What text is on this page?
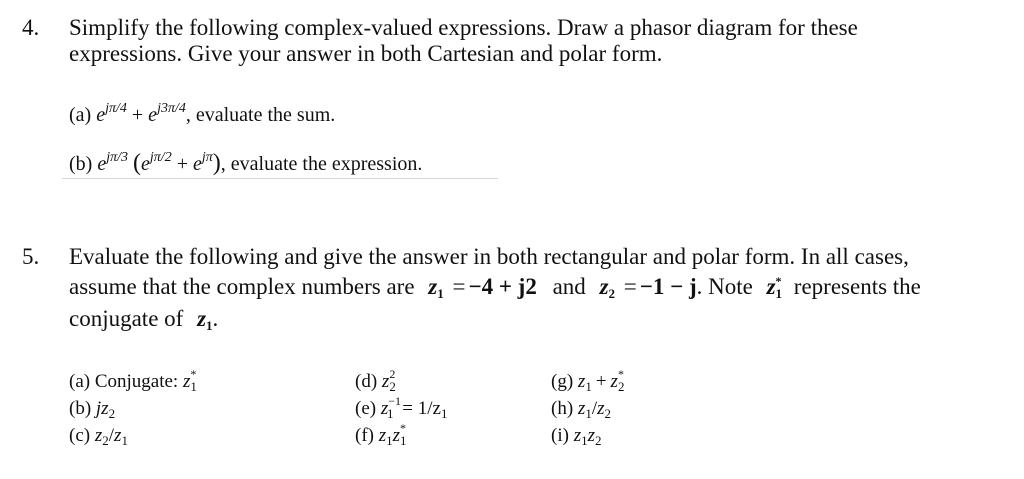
4. Simplify the following complex-valued expressions. Draw a phasor diagram for these
expressions. Give your answer in both Cartesian and polar form.
(a) $e^{j\pi/4} + e^{j3\pi/4}$, evaluate the sum.
(b) $e^{j\pi/3}$ $(e^{j\pi/2} + e^{j\pi})$, evaluate the expression.
5. Evaluate the following and give the answer in both rectangular and polar form. In all cases,
assume that the complex numbers are $z_1 = -4 + j2$ and $z_2 = -1 - j$. Note $z^*_1$ represents the
conjugate of $z_1$.
(a) Conjugate: $z^*_1$
(b) $jz_2$
(c) $z_2/z_1$
(d) $z^2_2$
(e) $z^{-1}_1 = 1/z_1$
(f) $z_1z^*_1$
(g) $z_1 + z^*_2$
(h) $z_1/z_2$
(i) $z_1z_2$
